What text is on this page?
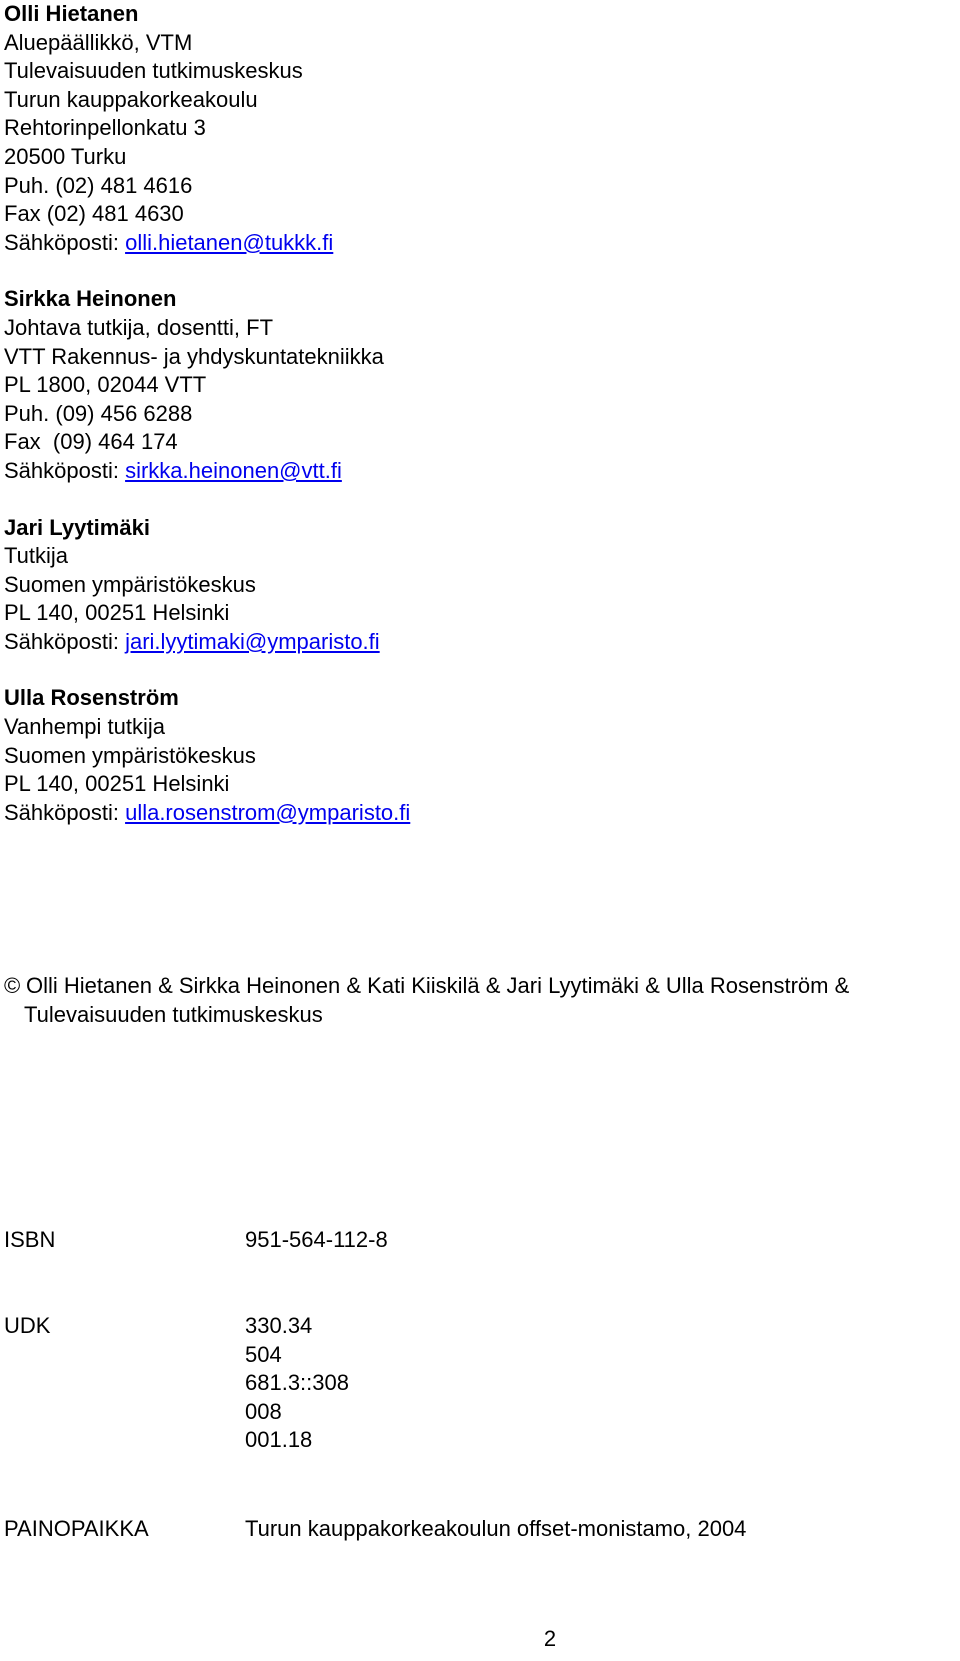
Olli Hietanen
Aluepäällikkö, VTM
Tulevaisuuden tutkimuskeskus
Turun kauppakorkeakoulu
Rehtorinpellonkatu 3
20500 Turku
Puh. (02) 481 4616
Fax (02) 481 4630
Sähköposti: olli.hietanen@tukkk.fi
Sirkka Heinonen
Johtava tutkija, dosentti, FT
VTT Rakennus- ja yhdyskuntatekniikka
PL 1800, 02044 VTT
Puh. (09) 456 6288
Fax  (09) 464 174
Sähköposti: sirkka.heinonen@vtt.fi
Jari Lyytimäki
Tutkija
Suomen ympäristökeskus
PL 140, 00251 Helsinki
Sähköposti: jari.lyytimaki@ymparisto.fi
Ulla Rosenström
Vanhempi tutkija
Suomen ympäristökeskus
PL 140, 00251 Helsinki
Sähköposti: ulla.rosenstrom@ymparisto.fi
© Olli Hietanen & Sirkka Heinonen & Kati Kiiskilä & Jari Lyytimäki & Ulla Rosenström &
Tulevaisuuden tutkimuskeskus
ISBN	951-564-112-8
UDK	330.34
504
681.3::308
008
001.18
PAINOPAIKKA	Turun kauppakorkeakoulun offset-monistamo, 2004
2
